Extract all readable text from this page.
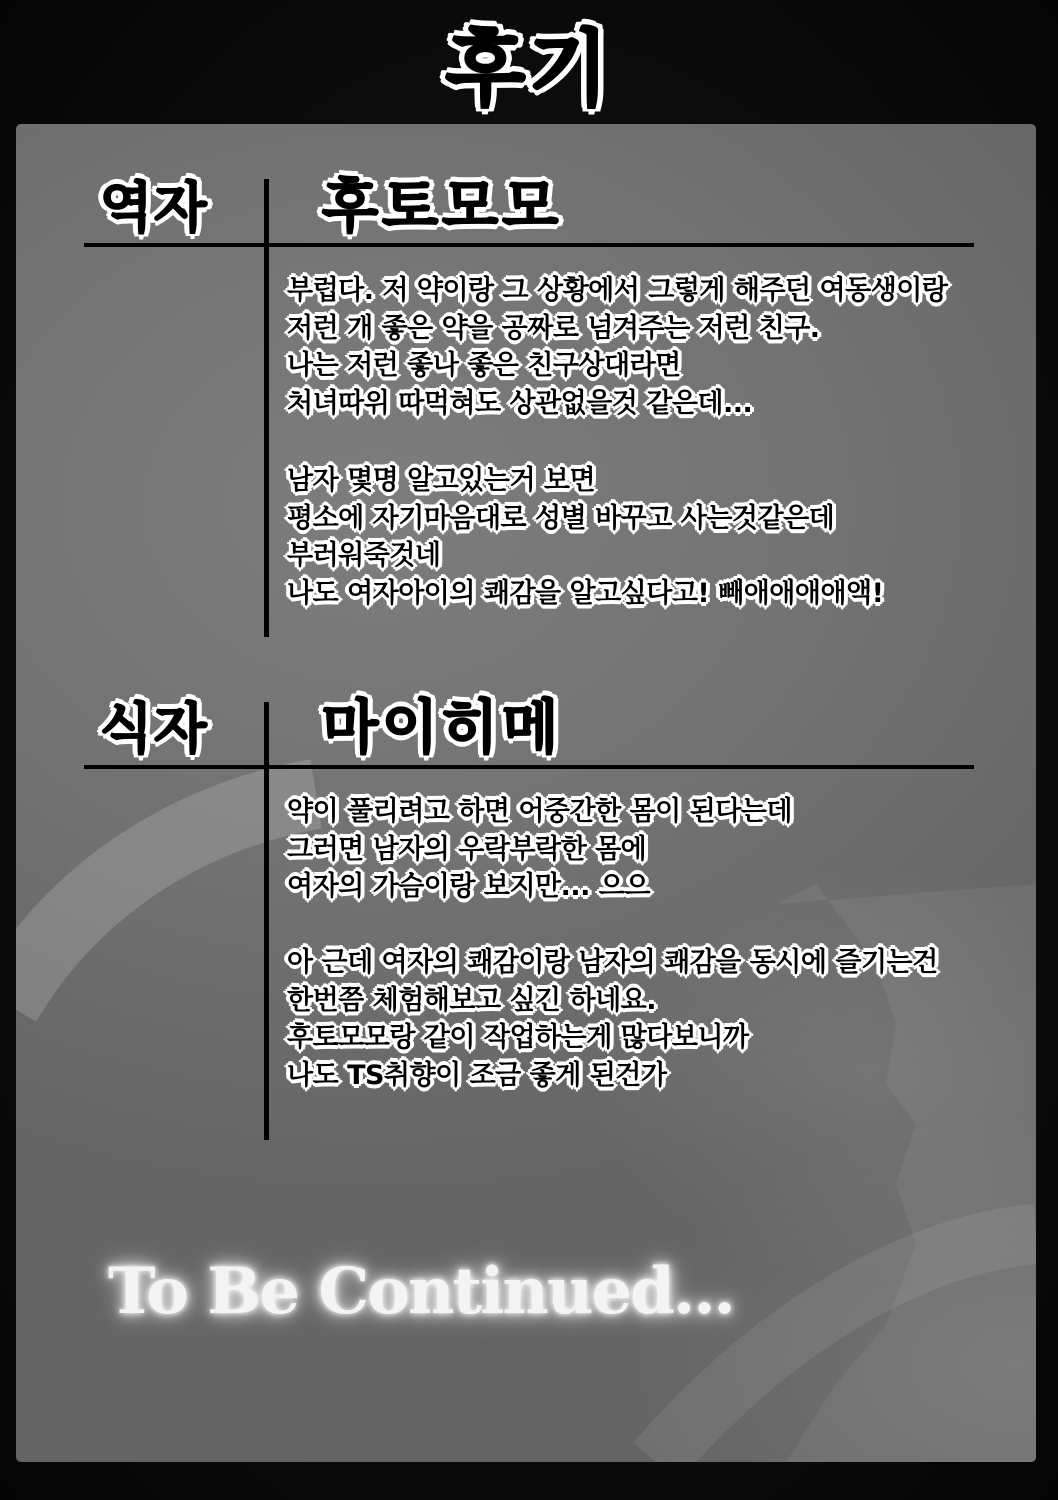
후기
역자 후토모모
부럽다. 저 약이랑 그 상황에서 그렇게 해주던 여동생이랑
저런 개 좋은 약을 공짜로 넘겨주는 저런 친구.
나는 저런 좋나 좋은 친구상대라면
처녀따위 따먹혀도 상관없을것 같은데...
남자 몇명 알고있는거 보면
평소에 자기마음대로 성별 바꾸고 사는것같은데
부러워죽것네
나도 여자아이의 쾌감을 알고싶다고! 빼애애애애액!
식자 마이히메
약이 풀리려고 하면 어중간한 몸이 된다는데
그러면 남자의 우락부락한 몸에
여자의 가슴이랑 보지만... 으으
아 근데 여자의 쾌감이랑 남자의 쾌감을 동시에 즐기는건
한번쯤 체험해보고 싶긴 하네요.
후토모모랑 같이 작업하는게 많다보니까
나도 TS취향이 조금 좋게 된건가
To Be Continued...
